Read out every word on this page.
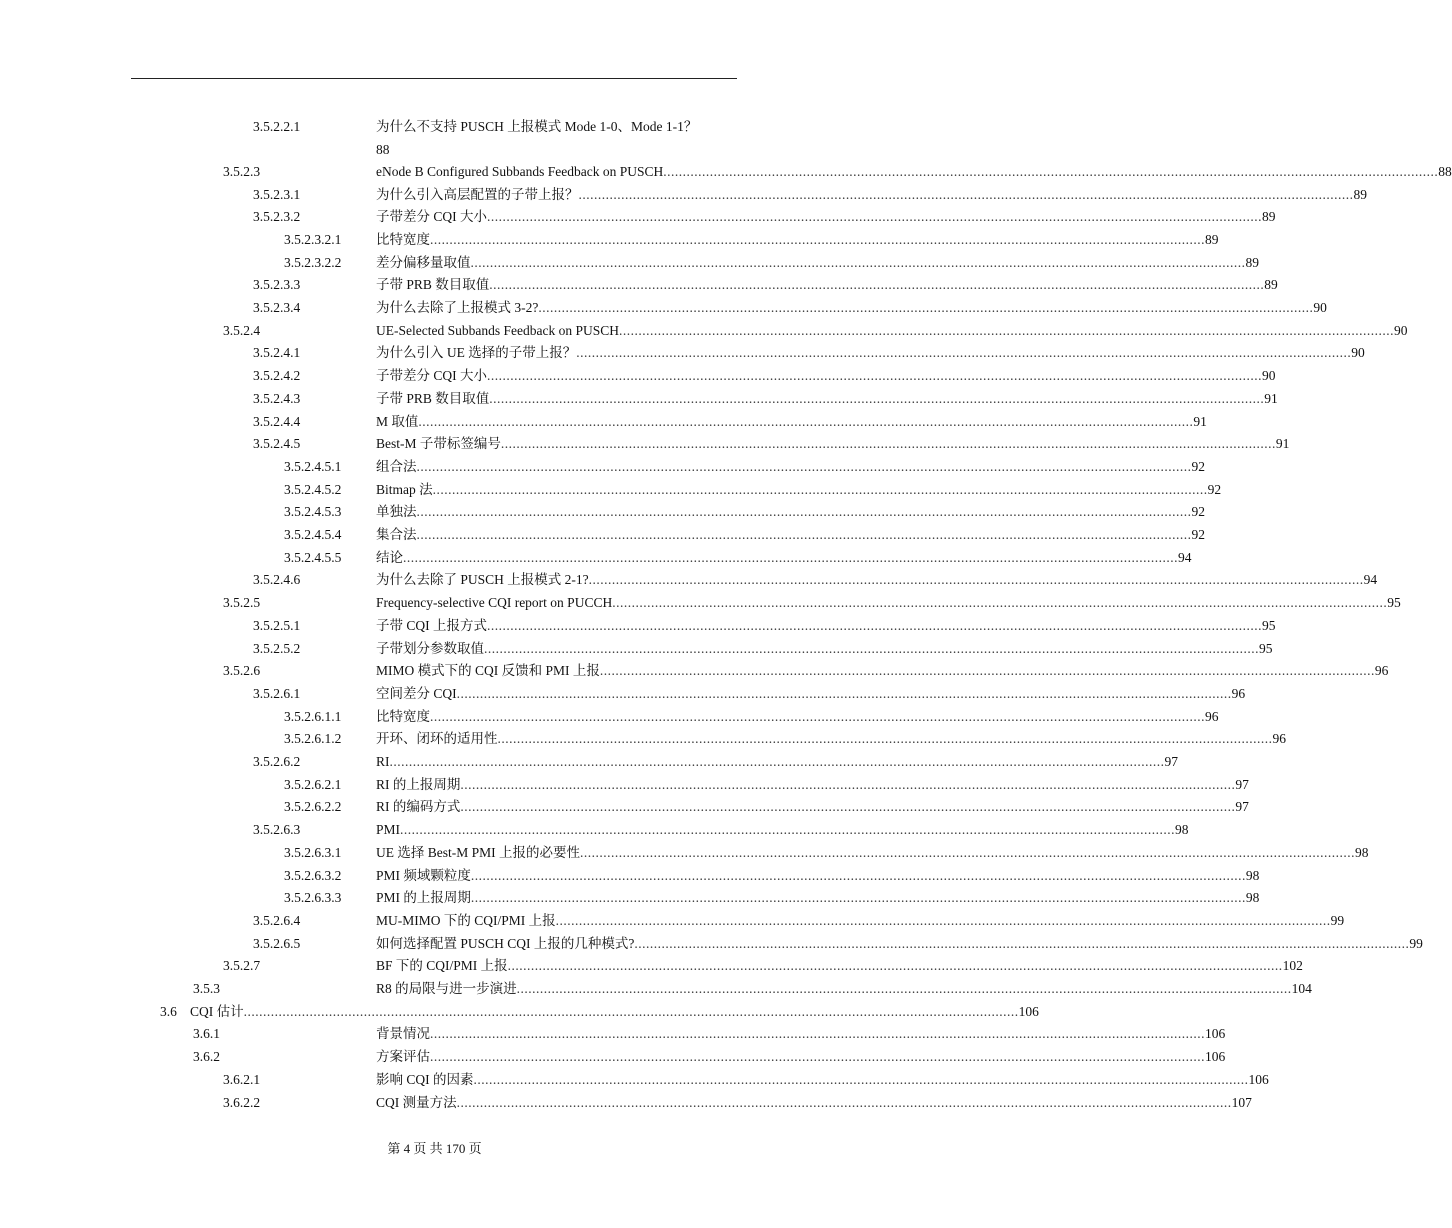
3.5.2.2.1	为什么不支持 PUSCH 上报模式 Mode 1-0、Mode 1-1？
88
3.5.2.3	eNode B Configured Subbands Feedback on PUSCH ........................................................................................................................................................................................................ 88
3.5.2.3.1	为什么引入高层配置的子带上报？ ........................................................................................................................................................................................................ 89
3.5.2.3.2	子带差分 CQI 大小 ........................................................................................................................................................................................................ 89
3.5.2.3.2.1	比特宽度 ........................................................................................................................................................................................................ 89
3.5.2.3.2.2	差分偏移量取值 ........................................................................................................................................................................................................ 89
3.5.2.3.3	子带 PRB 数目取值 ........................................................................................................................................................................................................ 89
3.5.2.3.4	为什么去除了上报模式 3-2? ........................................................................................................................................................................................................ 90
3.5.2.4	UE-Selected Subbands Feedback on PUSCH ........................................................................................................................................................................................................ 90
3.5.2.4.1	为什么引入 UE 选择的子带上报？ ........................................................................................................................................................................................................ 90
3.5.2.4.2	子带差分 CQI 大小 ........................................................................................................................................................................................................ 90
3.5.2.4.3	子带 PRB 数目取值 ........................................................................................................................................................................................................ 91
3.5.2.4.4	M 取值 ........................................................................................................................................................................................................ 91
3.5.2.4.5	Best-M 子带标签编号 ........................................................................................................................................................................................................ 91
3.5.2.4.5.1	组合法 ........................................................................................................................................................................................................ 92
3.5.2.4.5.2	Bitmap 法 ........................................................................................................................................................................................................ 92
3.5.2.4.5.3	单独法 ........................................................................................................................................................................................................ 92
3.5.2.4.5.4	集合法 ........................................................................................................................................................................................................ 92
3.5.2.4.5.5	结论 ........................................................................................................................................................................................................ 94
3.5.2.4.6	为什么去除了 PUSCH 上报模式 2-1? ........................................................................................................................................................................................................ 94
3.5.2.5	Frequency-selective CQI report on PUCCH ........................................................................................................................................................................................................ 95
3.5.2.5.1	子带 CQI 上报方式 ........................................................................................................................................................................................................ 95
3.5.2.5.2	子带划分参数取值 ........................................................................................................................................................................................................ 95
3.5.2.6	MIMO 模式下的 CQI 反馈和 PMI 上报 ........................................................................................................................................................................................................ 96
3.5.2.6.1	空间差分 CQI ........................................................................................................................................................................................................ 96
3.5.2.6.1.1	比特宽度 ........................................................................................................................................................................................................ 96
3.5.2.6.1.2	开环、闭环的适用性 ........................................................................................................................................................................................................ 96
3.5.2.6.2	RI ........................................................................................................................................................................................................ 97
3.5.2.6.2.1	RI 的上报周期 ........................................................................................................................................................................................................ 97
3.5.2.6.2.2	RI 的编码方式 ........................................................................................................................................................................................................ 97
3.5.2.6.3	PMI ........................................................................................................................................................................................................ 98
3.5.2.6.3.1	UE 选择 Best-M PMI 上报的必要性 ........................................................................................................................................................................................................ 98
3.5.2.6.3.2	PMI 频域颗粒度 ........................................................................................................................................................................................................ 98
3.5.2.6.3.3	PMI 的上报周期 ........................................................................................................................................................................................................ 98
3.5.2.6.4	MU-MIMO 下的 CQI/PMI 上报 ........................................................................................................................................................................................................ 99
3.5.2.6.5	如何选择配置 PUSCH CQI 上报的几种模式? ........................................................................................................................................................................................................ 99
3.5.2.7	BF 下的 CQI/PMI 上报 ........................................................................................................................................................................................................ 102
3.5.3	R8 的局限与进一步演进 ........................................................................................................................................................................................................ 104
3.6 CQI 估计 ........................................................................................................................................................................................................ 106
3.6.1	背景情况 ........................................................................................................................................................................................................ 106
3.6.2	方案评估 ........................................................................................................................................................................................................ 106
3.6.2.1	影响 CQI 的因素 ........................................................................................................................................................................................................ 106
3.6.2.2	CQI 测量方法 ........................................................................................................................................................................................................ 107
第 4 页 共 170 页
